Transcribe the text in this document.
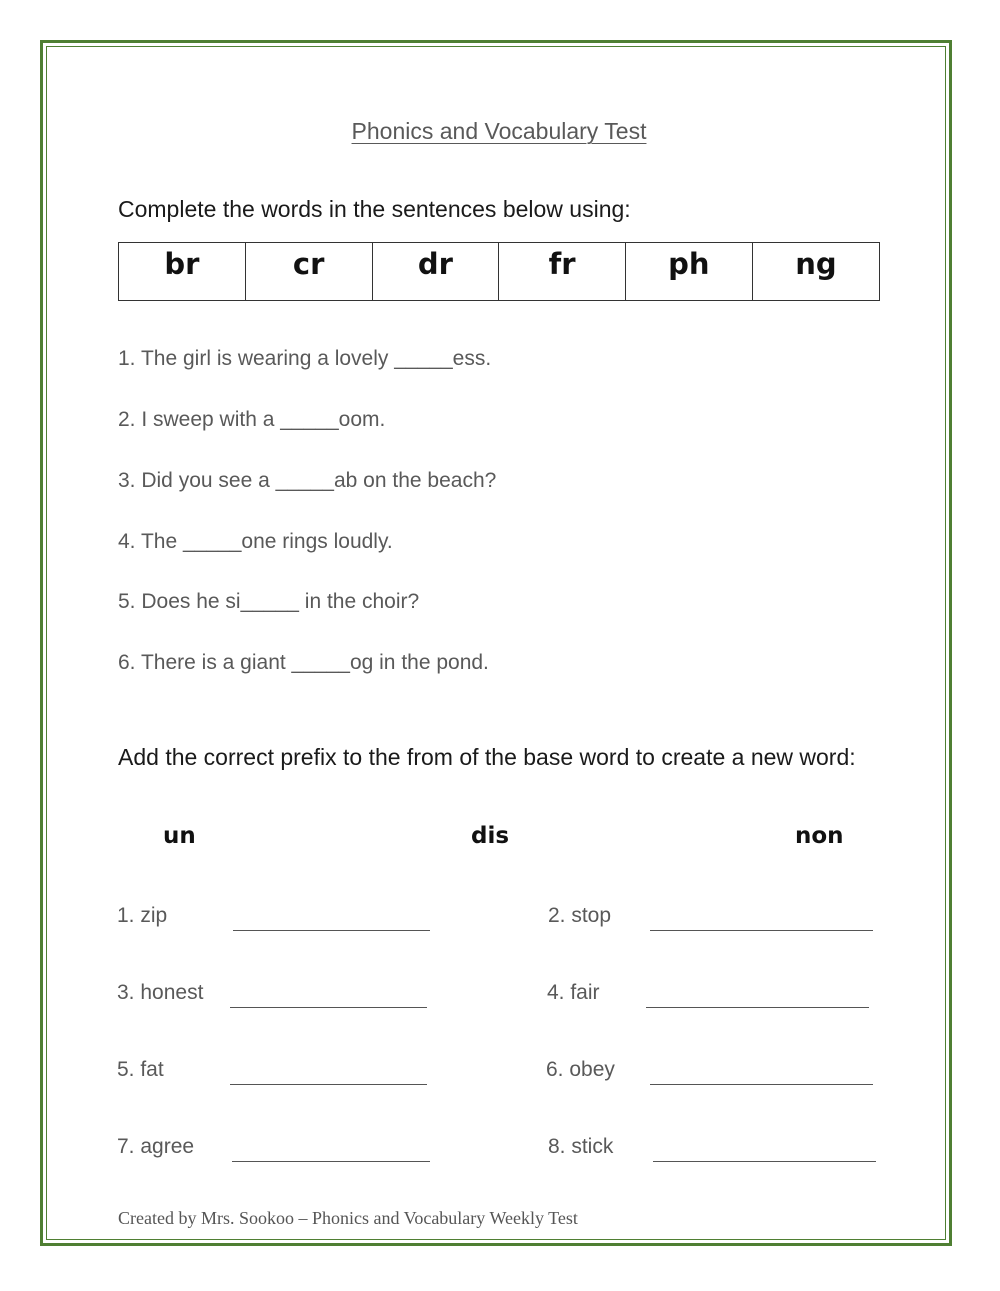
Phonics and Vocabulary Test
Complete the words in the sentences below using:
br	cr	dr	fr	ph	ng
1. The girl is wearing a lovely _____ess.
2. I sweep with a _____oom.
3. Did you see a _____ab on the beach?
4. The _____one rings loudly.
5. Does he si_____ in the choir?
6. There is a giant _____og in the pond.
Add the correct prefix to the from of the base word to create a new word:
un	dis	non
1. zip	2. stop
3. honest	4. fair
5. fat	6. obey
7. agree	8. stick
Created by Mrs. Sookoo – Phonics and Vocabulary Weekly Test
